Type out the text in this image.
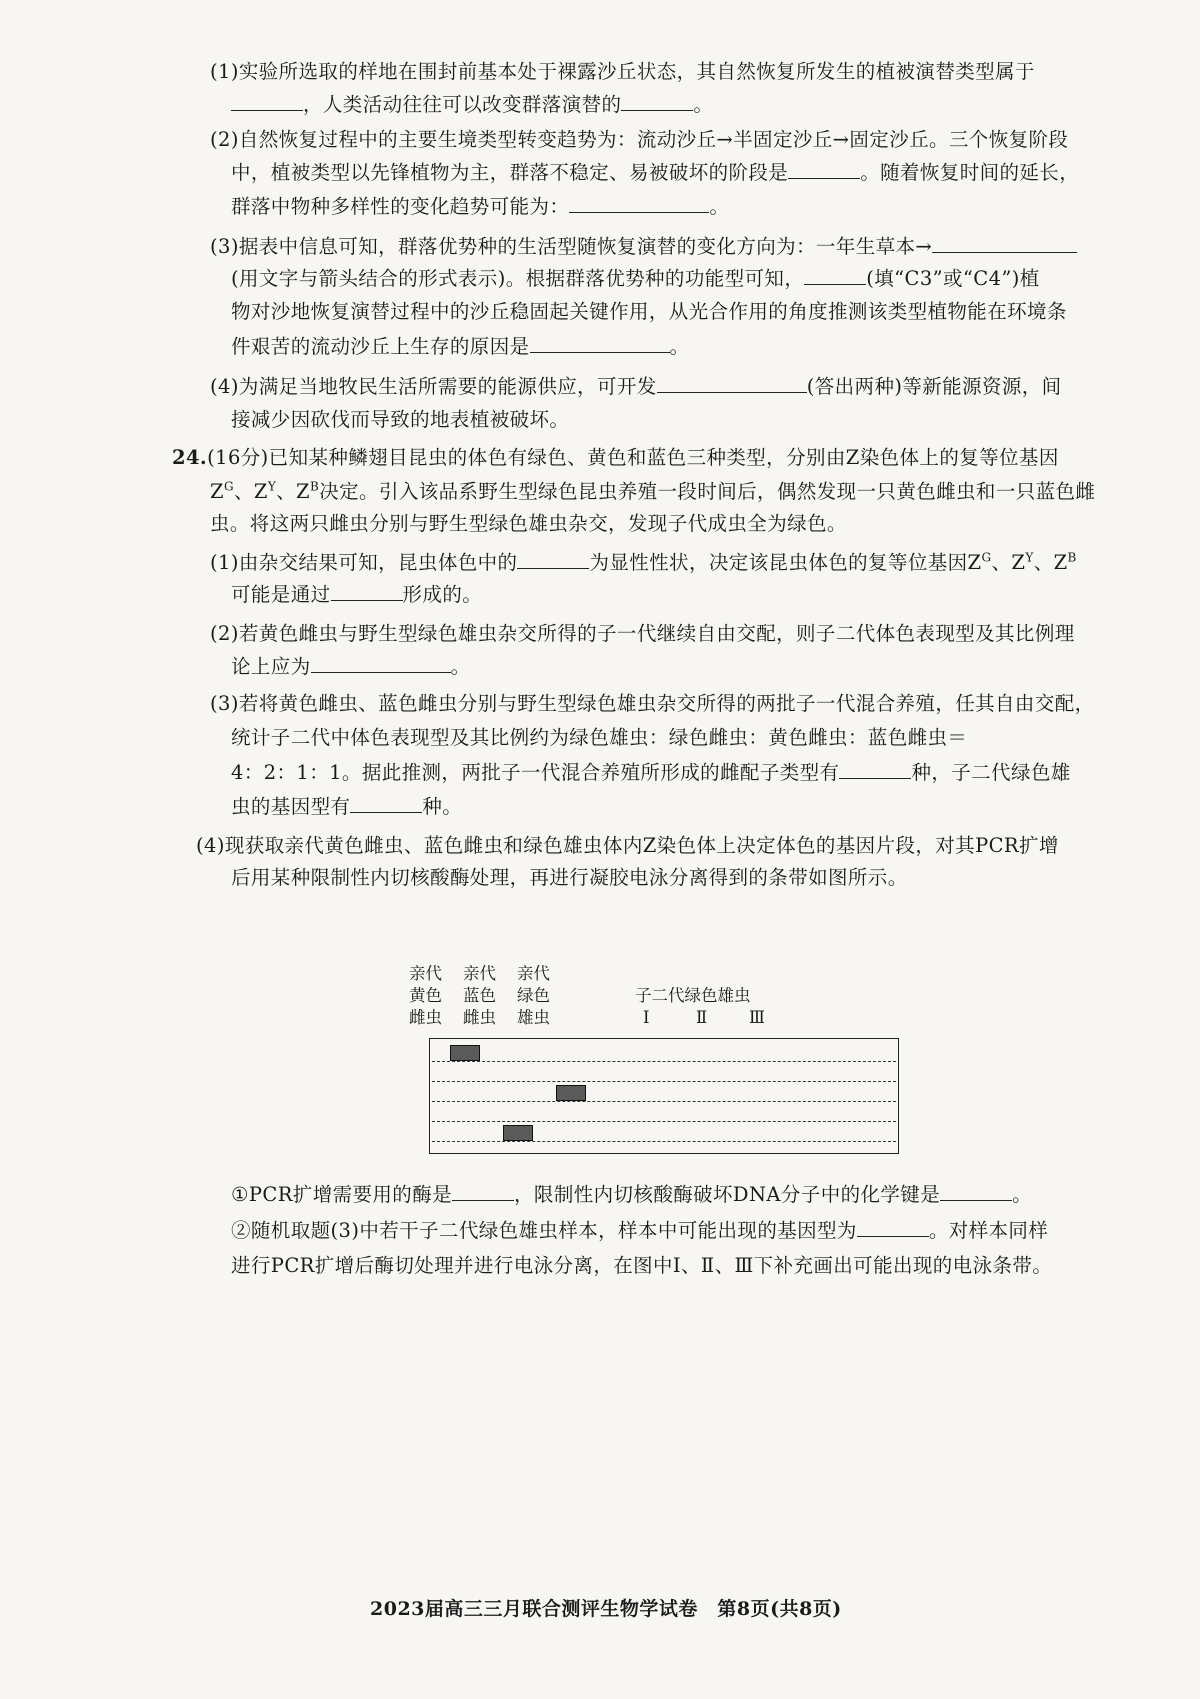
(1)实验所选取的样地在围封前基本处于裸露沙丘状态，其自然恢复所发生的植被演替类型属于
，人类活动往往可以改变群落演替的	。
(2)自然恢复过程中的主要生境类型转变趋势为：流动沙丘→半固定沙丘→固定沙丘。三个恢复阶段
中，植被类型以先锋植物为主，群落不稳定、易被破坏的阶段是	。随着恢复时间的延长，
群落中物种多样性的变化趋势可能为：	。
(3)据表中信息可知，群落优势种的生活型随恢复演替的变化方向为：一年生草本→
(用文字与箭头结合的形式表示)。根据群落优势种的功能型可知，	(填“C3”或“C4”)植
物对沙地恢复演替过程中的沙丘稳固起关键作用，从光合作用的角度推测该类型植物能在环境条
件艰苦的流动沙丘上生存的原因是	。
(4)为满足当地牧民生活所需要的能源供应，可开发	(答出两种)等新能源资源，间
接减少因砍伐而导致的地表植被破坏。
24.(16分)已知某种鳞翅目昆虫的体色有绿色、黄色和蓝色三种类型，分别由Z染色体上的复等位基因
$Z^G$、$Z^Y$、$Z^B$决定。引入该品系野生型绿色昆虫养殖一段时间后，偶然发现一只黄色雌虫和一只蓝色雌
虫。将这两只雌虫分别与野生型绿色雄虫杂交，发现子代成虫全为绿色。
(1)由杂交结果可知，昆虫体色中的	为显性性状，决定该昆虫体色的复等位基因$Z^G$、$Z^Y$、$Z^B$
可能是通过	形成的。
(2)若黄色雌虫与野生型绿色雄虫杂交所得的子一代继续自由交配，则子二代体色表现型及其比例理
论上应为	。
(3)若将黄色雌虫、蓝色雌虫分别与野生型绿色雄虫杂交所得的两批子一代混合养殖，任其自由交配，
统计子二代中体色表现型及其比例约为绿色雄虫：绿色雌虫：黄色雌虫：蓝色雌虫＝
4：2：1：1。据此推测，两批子一代混合养殖所形成的雌配子类型有	种，子二代绿色雄
虫的基因型有	种。
(4)现获取亲代黄色雌虫、蓝色雌虫和绿色雄虫体内Z染色体上决定体色的基因片段，对其PCR扩增
后用某种限制性内切核酸酶处理，再进行凝胶电泳分离得到的条带如图所示。
亲代
黄色
雌虫
亲代
蓝色
雌虫
亲代
绿色
雄虫
子二代绿色雄虫
Ⅰ	Ⅱ	Ⅲ
①PCR扩增需要用的酶是	，限制性内切核酸酶破坏DNA分子中的化学键是	。
②随机取题(3)中若干子二代绿色雄虫样本，样本中可能出现的基因型为	。对样本同样
进行PCR扩增后酶切处理并进行电泳分离，在图中Ⅰ、Ⅱ、Ⅲ下补充画出可能出现的电泳条带。
2023届高三三月联合测评生物学试卷　第8页(共8页)
